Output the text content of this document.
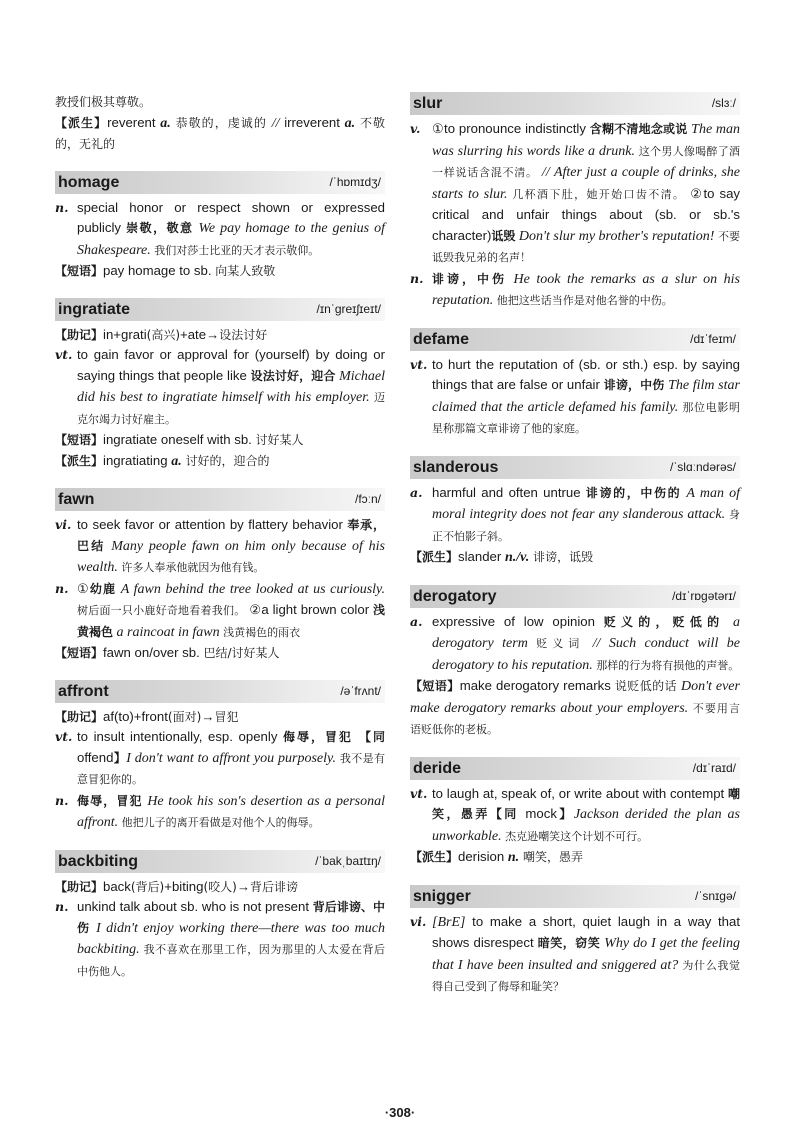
教授们极其尊敬。
【派生】reverent a. 恭敬的，虔诚的 // irreverent a. 不敬的，无礼的
homage	/ˈhɒmɪdʒ/
n. special honor or respect shown or expressed publicly 崇敬，敬意 We pay homage to the genius of Shakespeare. 我们对莎士比亚的天才表示敬仰。
【短语】pay homage to sb. 向某人致敬
ingratiate	/ɪnˈgreɪʃɪeɪt/
【助记】in+grati(高兴)+ate→设法讨好
vt. to gain favor or approval for (yourself) by doing or saying things that people like 设法讨好，迎合 Michael did his best to ingratiate himself with his employer. 迈克尔竭力讨好雇主。
【短语】ingratiate oneself with sb. 讨好某人
【派生】ingratiating a. 讨好的，迎合的
fawn	/fɔːn/
vi. to seek favor or attention by flattery behavior 奉承，巴结 Many people fawn on him only because of his wealth. 许多人奉承他就因为他有钱。
n. ①幼鹿 A fawn behind the tree looked at us curiously. 树后面一只小鹿好奇地看着我们。 ②a light brown color 浅黄褐色 a raincoat in fawn 浅黄褐色的雨衣
【短语】fawn on/over sb. 巴结/讨好某人
affront	/əˈfrʌnt/
【助记】af(to)+front(面对)→冒犯
vt. to insult intentionally, esp. openly 侮辱，冒犯 【同 offend】I don't want to affront you purposely. 我不是有意冒犯你的。
n. 侮辱，冒犯 He took his son's desertion as a personal affront. 他把儿子的离开看做是对他个人的侮辱。
backbiting	/ˈbakˌbaɪtɪŋ/
【助记】back(背后)+biting(咬人)→背后诽谤
n. unkind talk about sb. who is not present 背后诽谤、中伤 I didn't enjoy working there—there was too much backbiting. 我不喜欢在那里工作，因为那里的人太爱在背后中伤他人。
slur	/slɜː/
v. ①to pronounce indistinctly 含糊不清地念或说 The man was slurring his words like a drunk. 这个男人像喝醉了酒一样说话含混不清。 // After just a couple of drinks, she starts to slur. 几杯酒下肚，她开始口齿不清。 ②to say critical and unfair things about (sb. or sb.'s character)诋毁 Don't slur my brother's reputation! 不要诋毁我兄弟的名声！
n. 诽谤，中伤 He took the remarks as a slur on his reputation. 他把这些话当作是对他名誉的中伤。
defame	/dɪˈfeɪm/
vt. to hurt the reputation of (sb. or sth.) esp. by saying things that are false or unfair 诽谤，中伤 The film star claimed that the article defamed his family. 那位电影明星称那篇文章诽谤了他的家庭。
slanderous	/ˈslɑːndərəs/
a. harmful and often untrue 诽谤的，中伤的 A man of moral integrity does not fear any slanderous attack. 身正不怕影子斜。
【派生】slander n./v. 诽谤，诋毁
derogatory	/dɪˈrɒgətərɪ/
a. expressive of low opinion 贬义的，贬低的 a derogatory term 贬义词 // Such conduct will be derogatory to his reputation. 那样的行为将有损他的声誉。
【短语】make derogatory remarks 说贬低的话 Don't ever make derogatory remarks about your employers. 不要用言语贬低你的老板。
deride	/dɪˈraɪd/
vt. to laugh at, speak of, or write about with contempt 嘲笑，愚弄【同 mock】Jackson derided the plan as unworkable. 杰克逊嘲笑这个计划不可行。
【派生】derision n. 嘲笑，愚弄
snigger	/ˈsnɪgə/
vi. [BrE] to make a short, quiet laugh in a way that shows disrespect 暗笑，窃笑 Why do I get the feeling that I have been insulted and sniggered at? 为什么我觉得自己受到了侮辱和耻笑？
·308·
